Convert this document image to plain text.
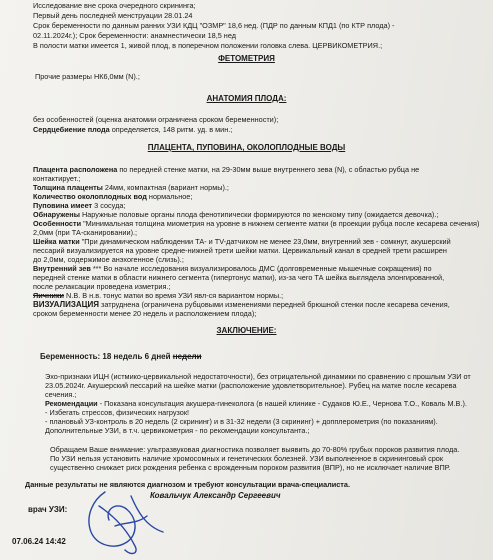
Исследование вне срока очередного скрининга;
Первый день последней менструации 28.01.24
Срок беременности по данным ранних УЗИ КДЦ "ОЗМР" 18,6 нед. (ПДР по данным КПД1 (по КТР плода) -
02.11.2024г.); Срок беременности: анамнестически 18,5 нед
В полости матки имеется 1, живой плод, в поперечном положении головка слева. ЦЕРВИКОМЕТРИЯ.;
ФЕТОМЕТРИЯ
Прочие размеры НК6,0мм (N).;
АНАТОМИЯ ПЛОДА:
без особенностей (оценка анатомии ограничена сроком беременности);
Сердцебиение плода определяется, 148 ритм. уд. в мин.;
ПЛАЦЕНТА, ПУПОВИНА, ОКОЛОПЛОДНЫЕ ВОДЫ
Плацента расположена по передней стенке матки, на 29-30мм выше внутреннего зева (N), с областью рубца не
контактирует.;
Толщина плаценты 24мм, компактная (вариант нормы).;
Количество околоплодных вод нормальное;
Пуповина имеет 3 сосуда;
Обнаружены Наружные половые органы плода фенотипически формируются по женскому типу (ожидается девочка).;
Особенности "Минимальная толщина миометрия на уровне в нижнем сегменте матки (в проекции рубца после кесарева сечения)
2,0мм (при ТА-сканировании).;
Шейка матки "При динамическом наблюдении ТА- и ТV-датчиком не менее 23,0мм, внутренний зев - сомкнут, акушерский
пессарий визуализируется на уровне средне-нижней трети шейки матки. Цервикальный канал в средней трети расширен
до 2,0мм, содержимое анэхогенное (слизь).;
Внутренний зев *** Во начале исследования визуализировалось ДМС (долговременные мышечные сокращения) по
передней стенке матки в области нижнего сегмента (гипертонус матки), из-за чего ТА шейка выглядела элонгированной,
после релаксации проведена изметрия.;
Яичники N.B. В н.в. тонус матки во время УЗИ явл-ся вариантом нормы.;
ВИЗУАЛИЗАЦИЯ затруднена (ограничена рубцовыми изменениями передней брюшной стенки после кесарева сечения,
сроком беременности менее 20 недель и расположением плода);
ЗАКЛЮЧЕНИЕ:
Беременность: 18 недель 6 дней недели
Эхо-признаки ИЦН (истмико-цервикальной недостаточности), без отрицательной динамики по сравнению с прошлым УЗИ от
23.05.2024г. Акушерский пессарий на шейке матки (расположение удовлетворительное). Рубец на матке после кесарева
сечения.;
Рекомендации - Показана консультация акушера-гинеколога (в нашей клинике - Судаков Ю.Е., Чернова Т.О., Коваль М.В.).
- Избегать стрессов, физических нагрузок!
- плановый УЗ-контроль в 20 недель (2 скрининг) и в 31-32 недели (3 скрининг) + допплерометрия (по показаниям).
Дополнительные УЗИ, в т.ч. цервикометрия - по рекомендации консультанта.;
Обращаем Ваше внимание: ультразвуковая диагностика позволяет выявить до 70-80% грубых пороков развития плода.
По УЗИ нельзя установить наличие хромосомных и генетических болезней. УЗИ выполненное в скрининговый срок
существенно снижает риск рождения ребенка с врожденным пороком развития (ВПР), но не исключает наличие ВПР.
Данные результаты не являются диагнозом и требуют консультации врача-специалиста.
врач УЗИ:
Ковальчук Александр Сергеевич
07.06.24 14:42
